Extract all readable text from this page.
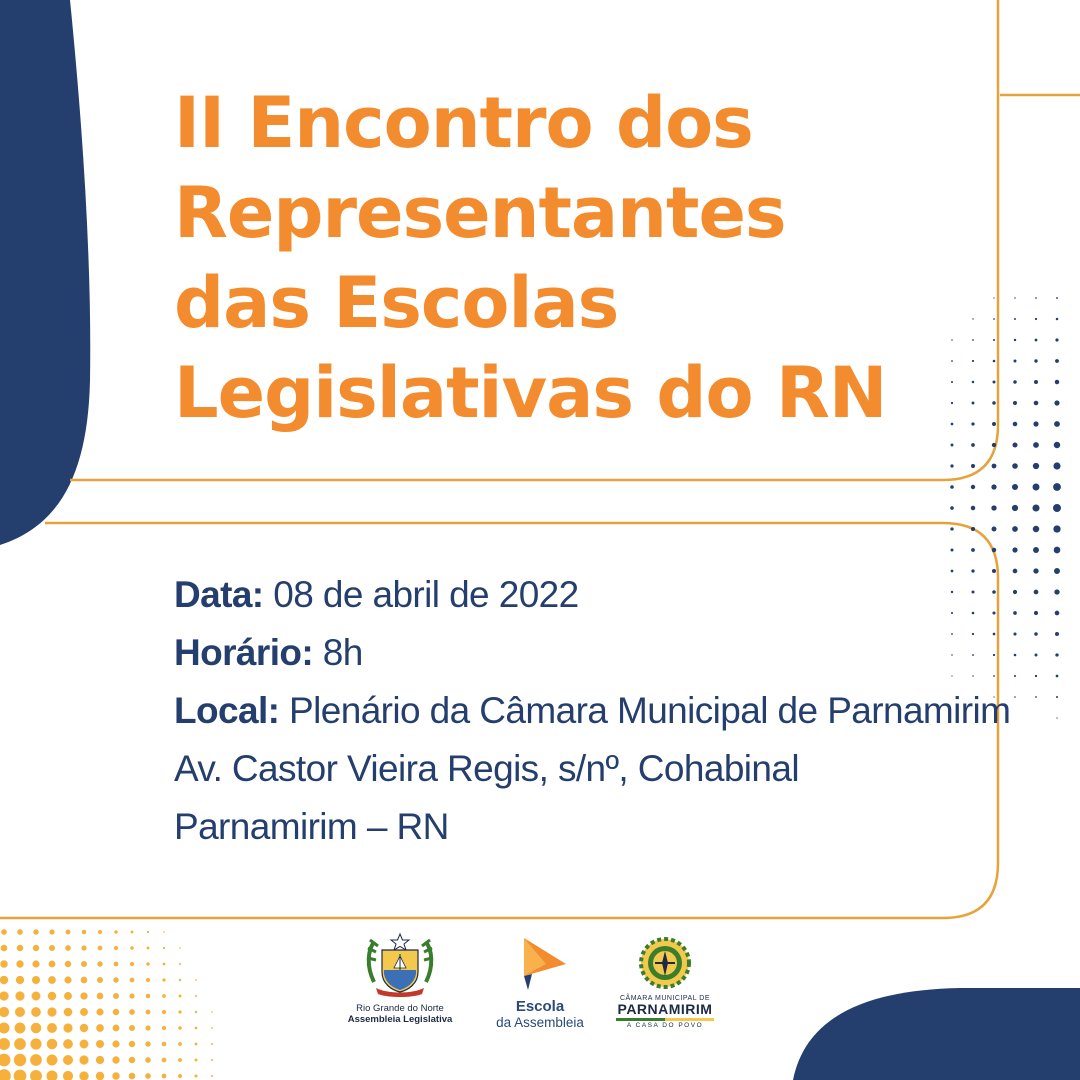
II Encontro dos
Representantes
das Escolas
Legislativas do RN
Data: 08 de abril de 2022
Horário: 8h
Local: Plenário da Câmara Municipal de Parnamirim
Av. Castor Vieira Regis, s/nº, Cohabinal
Parnamirim – RN
Rio Grande do Norte
Assembleia Legislativa
Escola
da Assembleia
CÂMARA MUNICIPAL DE
PARNAMIRIM
A CASA DO POVO
